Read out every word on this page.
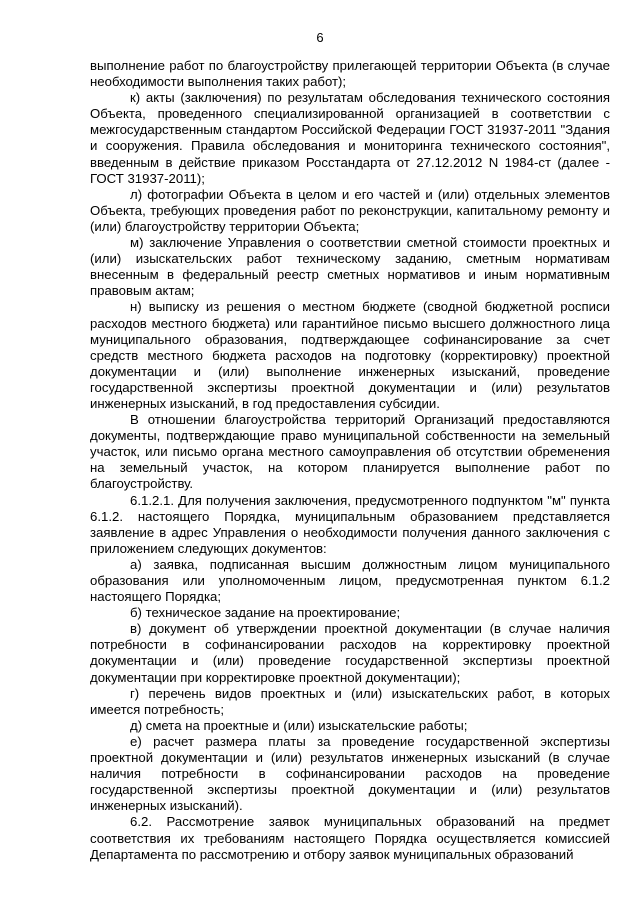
6

выполнение работ по благоустройству прилегающей территории Объекта (в случае необходимости выполнения таких работ);

к) акты (заключения) по результатам обследования технического состояния Объекта, проведенного специализированной организацией в соответствии с межгосударственным стандартом Российской Федерации ГОСТ 31937-2011 "Здания и сооружения. Правила обследования и мониторинга технического состояния", введенным в действие приказом Росстандарта от 27.12.2012 N 1984-ст (далее - ГОСТ 31937-2011);

л) фотографии Объекта в целом и его частей и (или) отдельных элементов Объекта, требующих проведения работ по реконструкции, капитальному ремонту и (или) благоустройству территории Объекта;

м) заключение Управления о соответствии сметной стоимости проектных и (или) изыскательских работ техническому заданию, сметным нормативам внесенным в федеральный реестр сметных нормативов и иным нормативным правовым актам;

н) выписку из решения о местном бюджете (сводной бюджетной росписи расходов местного бюджета) или гарантийное письмо высшего должностного лица муниципального образования, подтверждающее софинансирование за счет средств местного бюджета расходов на подготовку (корректировку) проектной документации и (или) выполнение инженерных изысканий, проведение государственной экспертизы проектной документации и (или) результатов инженерных изысканий, в год предоставления субсидии.

В отношении благоустройства территорий Организаций предоставляются документы, подтверждающие право муниципальной собственности на земельный участок, или письмо органа местного самоуправления об отсутствии обременения на земельный участок, на котором планируется выполнение работ по благоустройству.

6.1.2.1. Для получения заключения, предусмотренного подпунктом "м" пункта 6.1.2. настоящего Порядка, муниципальным образованием представляется заявление в адрес Управления о необходимости получения данного заключения с приложением следующих документов:

а) заявка, подписанная высшим должностным лицом муниципального образования или уполномоченным лицом, предусмотренная пунктом 6.1.2 настоящего Порядка;

б) техническое задание на проектирование;

в) документ об утверждении проектной документации (в случае наличия потребности в софинансировании расходов на корректировку проектной документации и (или) проведение государственной экспертизы проектной документации при корректировке проектной документации);

г) перечень видов проектных и (или) изыскательских работ, в которых имеется потребность;

д) смета на проектные и (или) изыскательские работы;

е) расчет размера платы за проведение государственной экспертизы проектной документации и (или) результатов инженерных изысканий (в случае наличия потребности в софинансировании расходов на проведение государственной экспертизы проектной документации и (или) результатов инженерных изысканий).

6.2. Рассмотрение заявок муниципальных образований на предмет соответствия их требованиям настоящего Порядка осуществляется комиссией Департамента по рассмотрению и отбору заявок муниципальных образований
